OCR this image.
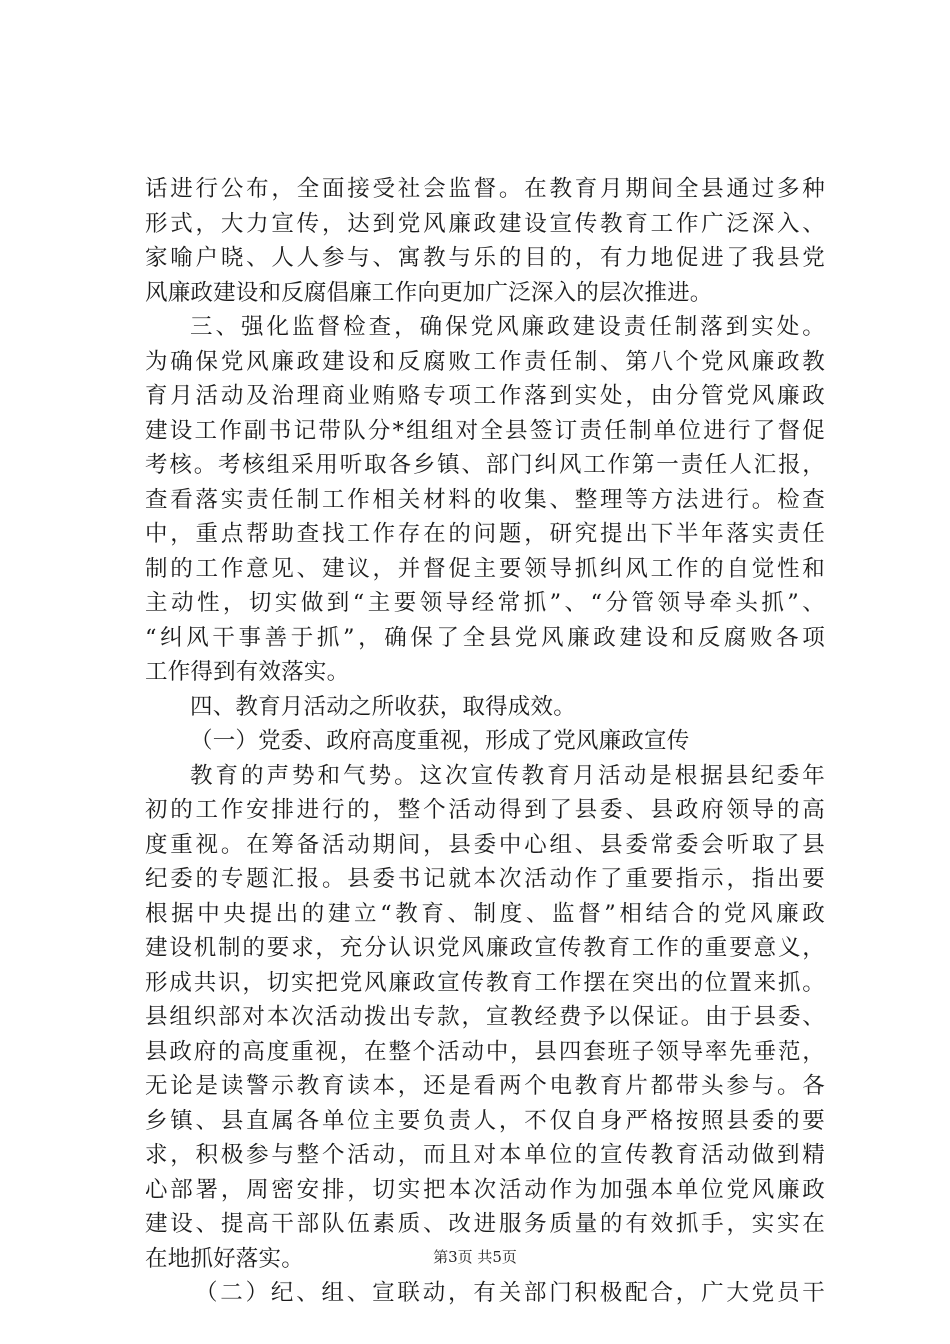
话进行公布，全面接受社会监督。在教育月期间全县通过多种
形式，大力宣传，达到党风廉政建设宣传教育工作广泛深入、
家喻户晓、人人参与、寓教与乐的目的，有力地促进了我县党
风廉政建设和反腐倡廉工作向更加广泛深入的层次推进。
三、强化监督检查，确保党风廉政建设责任制落到实处。
为确保党风廉政建设和反腐败工作责任制、第八个党风廉政教
育月活动及治理商业贿赂专项工作落到实处，由分管党风廉政
建设工作副书记带队分*组组对全县签订责任制单位进行了督促
考核。考核组采用听取各乡镇、部门纠风工作第一责任人汇报，
查看落实责任制工作相关材料的收集、整理等方法进行。检查
中，重点帮助查找工作存在的问题，研究提出下半年落实责任
制的工作意见、建议，并督促主要领导抓纠风工作的自觉性和
主动性，切实做到“主要领导经常抓”、“分管领导牵头抓”、
“纠风干事善于抓”，确保了全县党风廉政建设和反腐败各项
工作得到有效落实。
四、教育月活动之所收获，取得成效。
（一）党委、政府高度重视，形成了党风廉政宣传
教育的声势和气势。这次宣传教育月活动是根据县纪委年
初的工作安排进行的，整个活动得到了县委、县政府领导的高
度重视。在筹备活动期间，县委中心组、县委常委会听取了县
纪委的专题汇报。县委书记就本次活动作了重要指示，指出要
根据中央提出的建立“教育、制度、监督”相结合的党风廉政
建设机制的要求，充分认识党风廉政宣传教育工作的重要意义，
形成共识，切实把党风廉政宣传教育工作摆在突出的位置来抓。
县组织部对本次活动拨出专款，宣教经费予以保证。由于县委、
县政府的高度重视，在整个活动中，县四套班子领导率先垂范，
无论是读警示教育读本，还是看两个电教育片都带头参与。各
乡镇、县直属各单位主要负责人，不仅自身严格按照县委的要
求，积极参与整个活动，而且对本单位的宣传教育活动做到精
心部署，周密安排，切实把本次活动作为加强本单位党风廉政
建设、提高干部队伍素质、改进服务质量的有效抓手，实实在
在地抓好落实。
（二）纪、组、宣联动，有关部门积极配合，广大党员干
第3页 共5页
